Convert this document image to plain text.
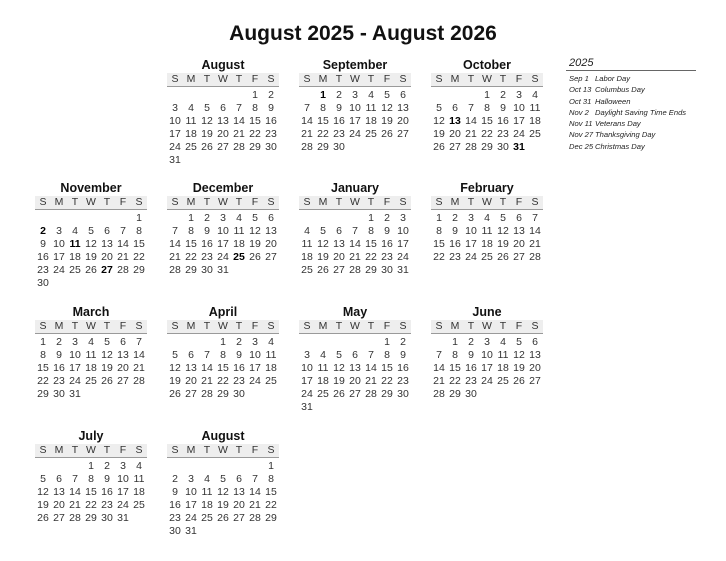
August 2025 - August 2026
August
S M T W T F S
1 2
3 4 5 6 7 8 9
10 11 12 13 14 15 16
17 18 19 20 21 22 23
24 25 26 27 28 29 30
31
September
S M T W T F S
1 2 3 4 5 6
7 8 9 10 11 12 13
14 15 16 17 18 19 20
21 22 23 24 25 26 27
28 29 30
October
S M T W T F S
1 2 3 4
5 6 7 8 9 10 11
12 13 14 15 16 17 18
19 20 21 22 23 24 25
26 27 28 29 30 31
November
S M T W T F S
1
2 3 4 5 6 7 8
9 10 11 12 13 14 15
16 17 18 19 20 21 22
23 24 25 26 27 28 29
30
December
S M T W T F S
1 2 3 4 5 6
7 8 9 10 11 12 13
14 15 16 17 18 19 20
21 22 23 24 25 26 27
28 29 30 31
January
S M T W T F S
1 2 3
4 5 6 7 8 9 10
11 12 13 14 15 16 17
18 19 20 21 22 23 24
25 26 27 28 29 30 31
February
S M T W T F S
1 2 3 4 5 6 7
8 9 10 11 12 13 14
15 16 17 18 19 20 21
22 23 24 25 26 27 28
March
S M T W T F S
1 2 3 4 5 6 7
8 9 10 11 12 13 14
15 16 17 18 19 20 21
22 23 24 25 26 27 28
29 30 31
April
S M T W T F S
1 2 3 4
5 6 7 8 9 10 11
12 13 14 15 16 17 18
19 20 21 22 23 24 25
26 27 28 29 30
May
S M T W T F S
1 2
3 4 5 6 7 8 9
10 11 12 13 14 15 16
17 18 19 20 21 22 23
24 25 26 27 28 29 30
31
June
S M T W T F S
1 2 3 4 5 6
7 8 9 10 11 12 13
14 15 16 17 18 19 20
21 22 23 24 25 26 27
28 29 30
July
S M T W T F S
1 2 3 4
5 6 7 8 9 10 11
12 13 14 15 16 17 18
19 20 21 22 23 24 25
26 27 28 29 30 31
August
S M T W T F S
1
2 3 4 5 6 7 8
9 10 11 12 13 14 15
16 17 18 19 20 21 22
23 24 25 26 27 28 29
30 31
2025
Sep 1 Labor Day
Oct 13 Columbus Day
Oct 31 Halloween
Nov 2 Daylight Saving Time Ends
Nov 11 Veterans Day
Nov 27 Thanksgiving Day
Dec 25 Christmas Day
